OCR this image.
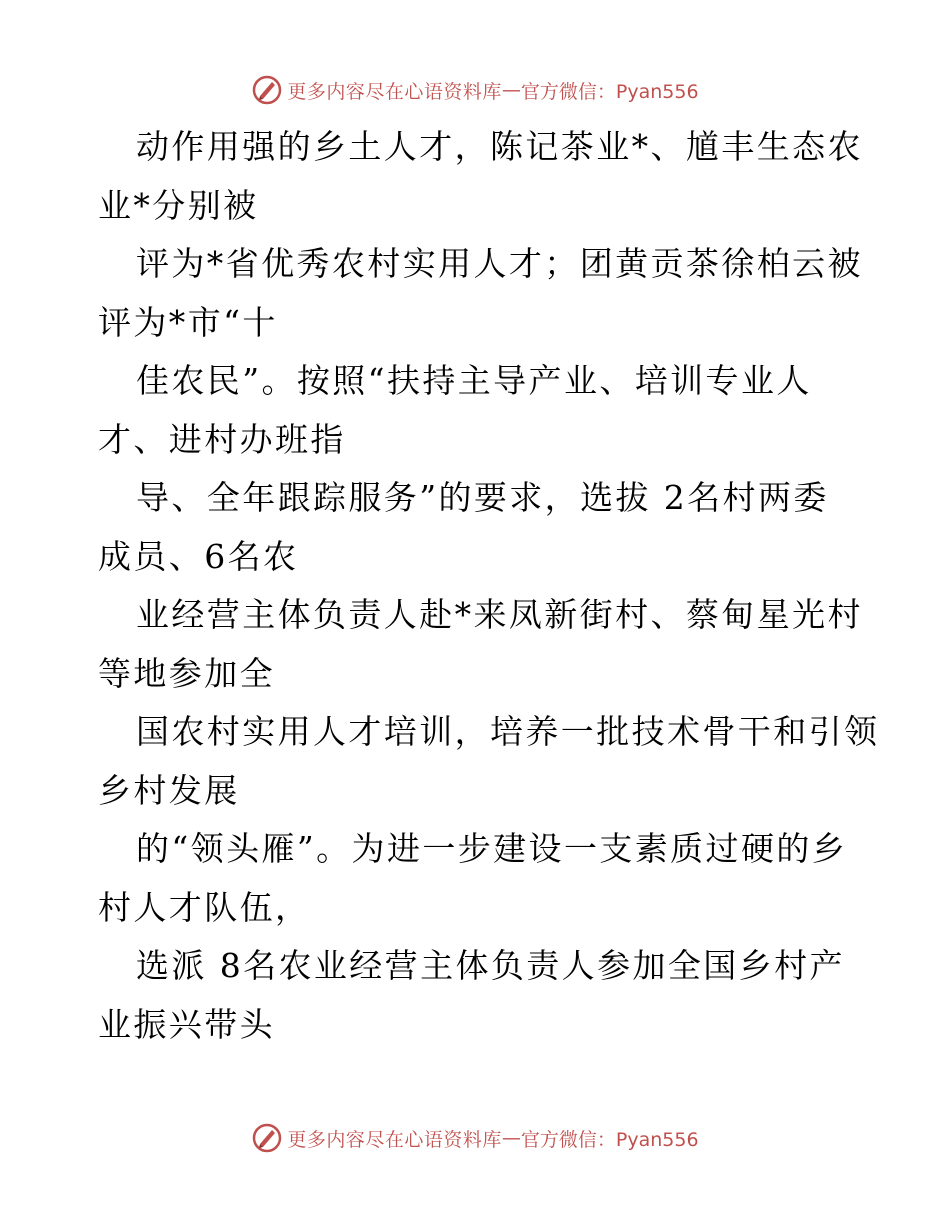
更多内容尽在心语资料库 — 官方微信：Pyan556
动作用强的乡土人才，陈记茶业*、馗丰生态农
业*分别被
评为*省优秀农村实用人才；团黄贡茶徐柏云被
评为*市“十
佳农民”。按照“扶持主导产业、培训专业人
才、进村办班指
导、全年跟踪服务”的要求，选拔 2名村两委
成员、6名农
业经营主体负责人赴*来凤新街村、蔡甸星光村
等地参加全
国农村实用人才培训，培养一批技术骨干和引领
乡村发展
的“领头雁”。为进一步建设一支素质过硬的乡
村人才队伍，
选派 8名农业经营主体负责人参加全国乡村产
业振兴带头
更多内容尽在心语资料库 — 官方微信：Pyan556
